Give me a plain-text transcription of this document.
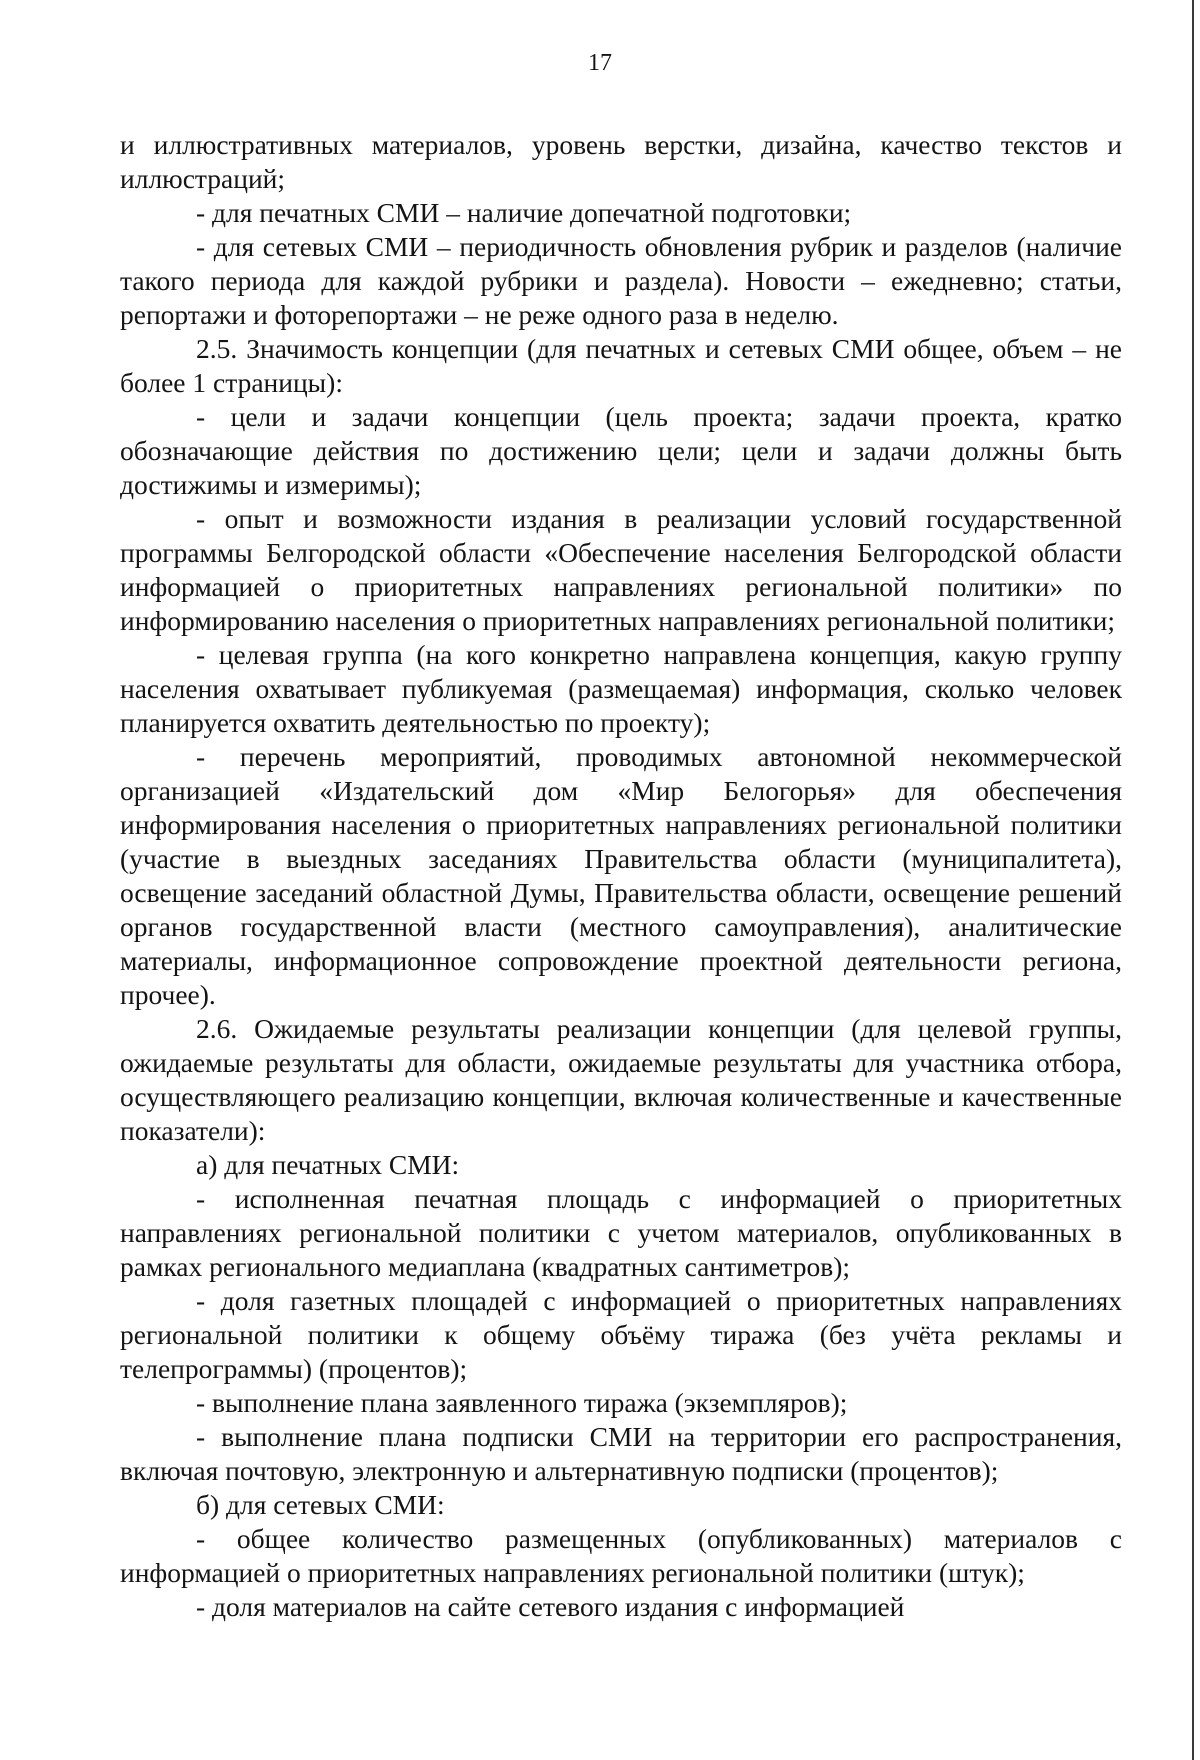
17

и иллюстративных материалов, уровень верстки, дизайна, качество текстов и иллюстраций;

- для печатных СМИ – наличие допечатной подготовки;

- для сетевых СМИ – периодичность обновления рубрик и разделов (наличие такого периода для каждой рубрики и раздела). Новости – ежедневно; статьи, репортажи и фоторепортажи – не реже одного раза в неделю.

2.5. Значимость концепции (для печатных и сетевых СМИ общее, объем – не более 1 страницы):

- цели и задачи концепции (цель проекта; задачи проекта, кратко обозначающие действия по достижению цели; цели и задачи должны быть достижимы и измеримы);

- опыт и возможности издания в реализации условий государственной программы Белгородской области «Обеспечение населения Белгородской области информацией о приоритетных направлениях региональной политики» по информированию населения о приоритетных направлениях региональной политики;

- целевая группа (на кого конкретно направлена концепция, какую группу населения охватывает публикуемая (размещаемая) информация, сколько человек планируется охватить деятельностью по проекту);

- перечень мероприятий, проводимых автономной некоммерческой организацией «Издательский дом «Мир Белогорья» для обеспечения информирования населения о приоритетных направлениях региональной политики (участие в выездных заседаниях Правительства области (муниципалитета), освещение заседаний областной Думы, Правительства области, освещение решений органов государственной власти (местного самоуправления), аналитические материалы, информационное сопровождение проектной деятельности региона, прочее).

2.6. Ожидаемые результаты реализации концепции (для целевой группы, ожидаемые результаты для области, ожидаемые результаты для участника отбора, осуществляющего реализацию концепции, включая количественные и качественные показатели):

а) для печатных СМИ:

- исполненная печатная площадь с информацией о приоритетных направлениях региональной политики с учетом материалов, опубликованных в рамках регионального медиаплана (квадратных сантиметров);

- доля газетных площадей с информацией о приоритетных направлениях региональной политики к общему объёму тиража (без учёта рекламы и телепрограммы) (процентов);

- выполнение плана заявленного тиража (экземпляров);

- выполнение плана подписки СМИ на территории его распространения, включая почтовую, электронную и альтернативную подписки (процентов);

б) для сетевых СМИ:

- общее количество размещенных (опубликованных) материалов с информацией о приоритетных направлениях региональной политики (штук);

- доля материалов на сайте сетевого издания с информацией
